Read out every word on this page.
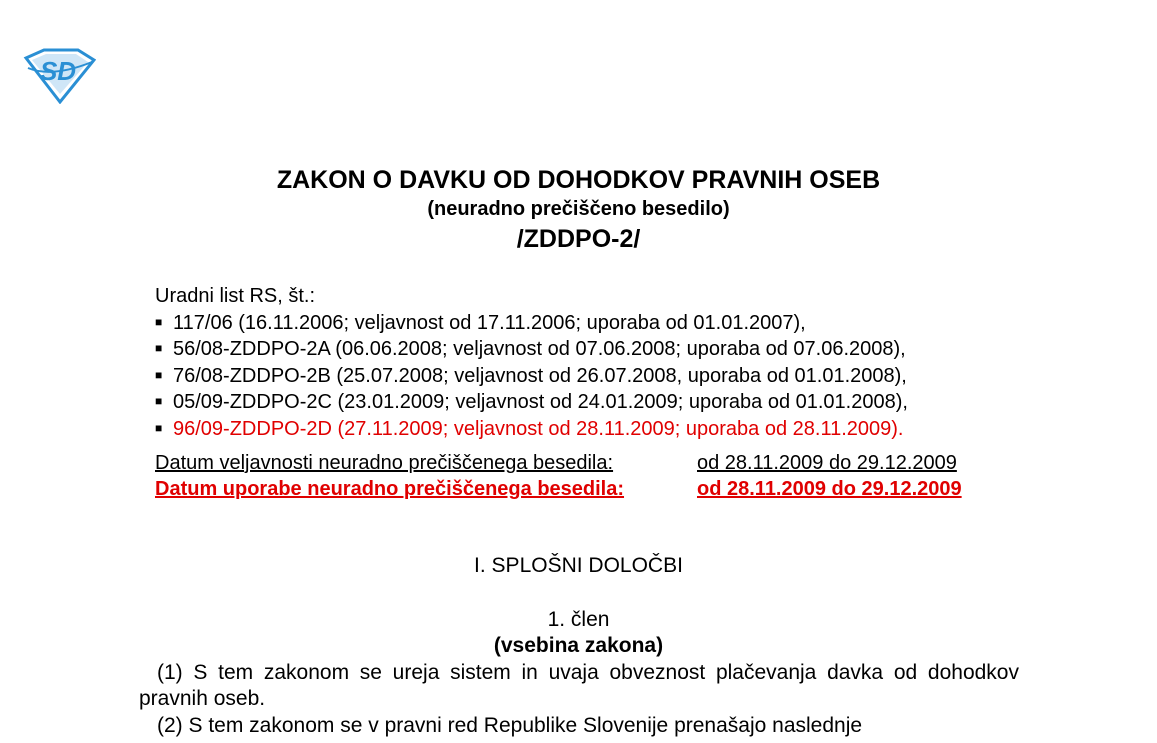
SD
ZAKON O DAVKU OD DOHODKOV PRAVNIH OSEB
(neuradno prečiščeno besedilo)
/ZDDPO-2/
Uradni list RS, št.:
■ 117/06 (16.11.2006; veljavnost od 17.11.2006; uporaba od 01.01.2007),
■ 56/08-ZDDPO-2A (06.06.2008; veljavnost od 07.06.2008; uporaba od 07.06.2008),
■ 76/08-ZDDPO-2B (25.07.2008; veljavnost od 26.07.2008, uporaba od 01.01.2008),
■ 05/09-ZDDPO-2C (23.01.2009; veljavnost od 24.01.2009; uporaba od 01.01.2008),
■ 96/09-ZDDPO-2D (27.11.2009; veljavnost od 28.11.2009; uporaba od 28.11.2009).
Datum veljavnosti neuradno prečiščenega besedila:	od 28.11.2009 do 29.12.2009
Datum uporabe neuradno prečiščenega besedila:	od 28.11.2009 do 29.12.2009
I. SPLOŠNI DOLOČBI
1. člen
(vsebina zakona)
(1) S tem zakonom se ureja sistem in uvaja obveznost plačevanja davka od dohodkov pravnih oseb.
(2) S tem zakonom se v pravni red Republike Slovenije prenašajo naslednje
